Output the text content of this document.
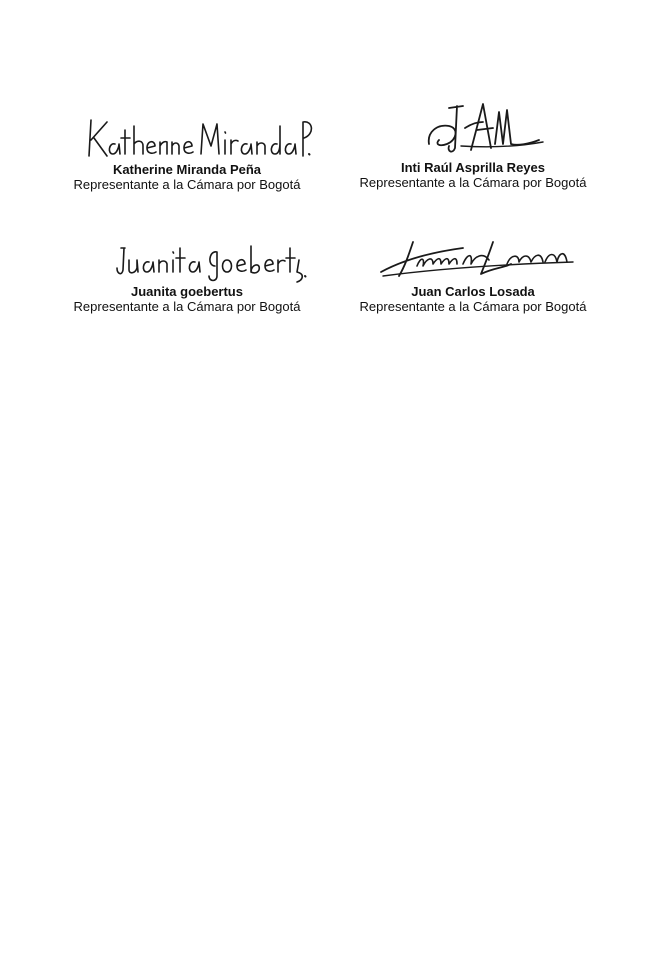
Katherine Miranda Peña
Representante a la Cámara por Bogotá
Inti Raúl Asprilla Reyes
Representante a la Cámara por Bogotá
Juanita goebertus
Representante a la Cámara por Bogotá
Juan Carlos Losada
Representante a la Cámara por Bogotá
